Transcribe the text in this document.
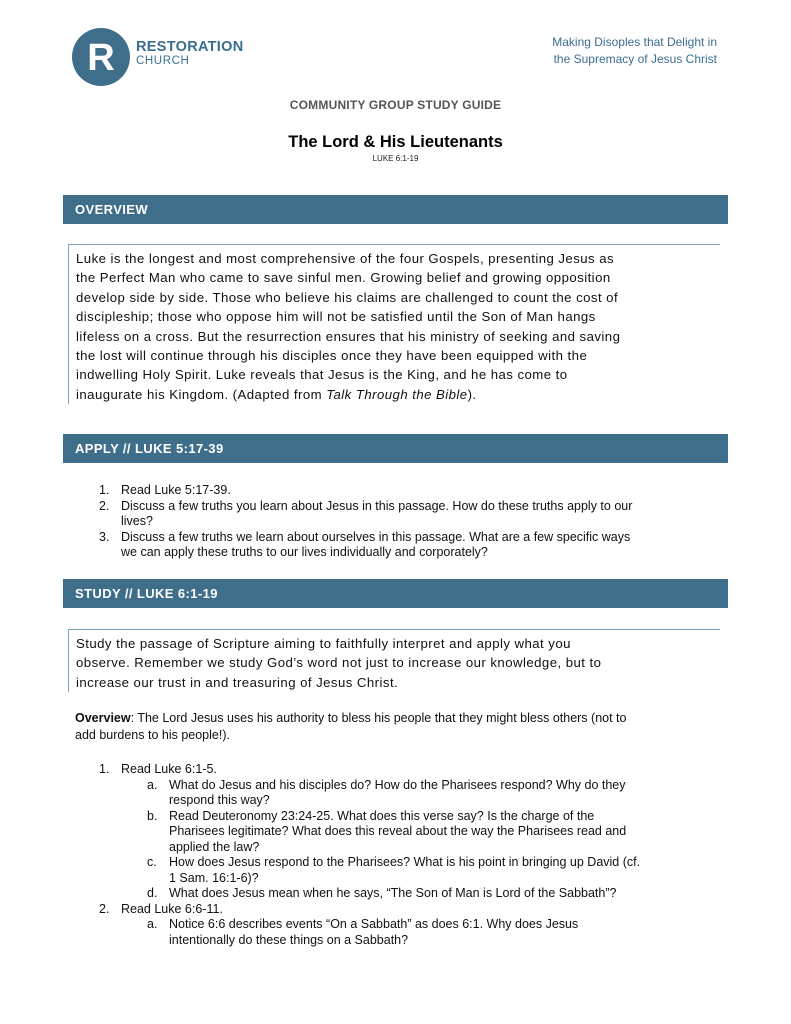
R RESTORATION
CHURCH
Making Disoples that Delight in
the Supremacy of Jesus Christ
COMMUNITY GROUP STUDY GUIDE
The Lord & His Lieutenants
LUKE 6:1-19
OVERVIEW
Luke is the longest and most comprehensive of the four Gospels, presenting Jesus as
the Perfect Man who came to save sinful men. Growing belief and growing opposition
develop side by side. Those who believe his claims are challenged to count the cost of
discipleship; those who oppose him will not be satisfied until the Son of Man hangs
lifeless on a cross. But the resurrection ensures that his ministry of seeking and saving
the lost will continue through his disciples once they have been equipped with the
indwelling Holy Spirit. Luke reveals that Jesus is the King, and he has come to
inaugurate his Kingdom. (Adapted from Talk Through the Bible).
APPLY // LUKE 5:17-39
1. Read Luke 5:17-39.
2. Discuss a few truths you learn about Jesus in this passage. How do these truths apply to our
lives?
3. Discuss a few truths we learn about ourselves in this passage. What are a few specific ways
we can apply these truths to our lives individually and corporately?
STUDY // LUKE 6:1-19
Study the passage of Scripture aiming to faithfully interpret and apply what you
observe. Remember we study God’s word not just to increase our knowledge, but to
increase our trust in and treasuring of Jesus Christ.
Overview: The Lord Jesus uses his authority to bless his people that they might bless others (not to
add burdens to his people!).
1. Read Luke 6:1-5.
a. What do Jesus and his disciples do? How do the Pharisees respond? Why do they
respond this way?
b. Read Deuteronomy 23:24-25. What does this verse say? Is the charge of the
Pharisees legitimate? What does this reveal about the way the Pharisees read and
applied the law?
c. How does Jesus respond to the Pharisees? What is his point in bringing up David (cf.
1 Sam. 16:1-6)?
d. What does Jesus mean when he says, “The Son of Man is Lord of the Sabbath”?
2. Read Luke 6:6-11.
a. Notice 6:6 describes events “On a Sabbath” as does 6:1. Why does Jesus
intentionally do these things on a Sabbath?
